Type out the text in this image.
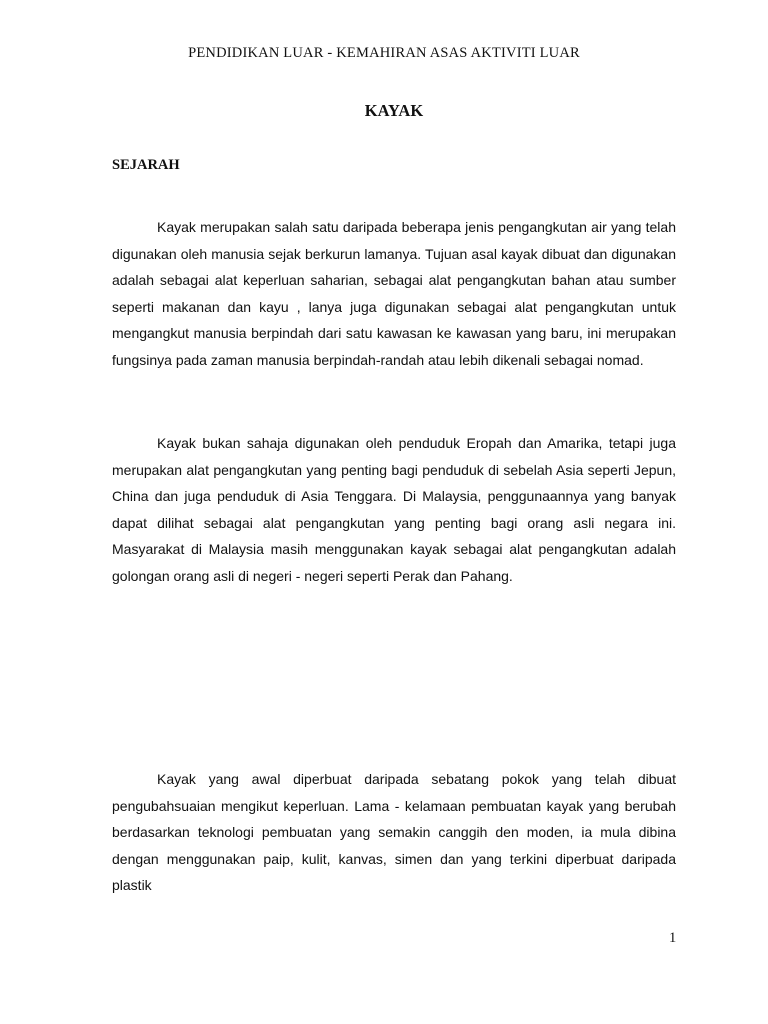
PENDIDIKAN LUAR - KEMAHIRAN ASAS AKTIVITI LUAR
KAYAK
SEJARAH

Kayak merupakan salah satu daripada beberapa jenis pengangkutan air yang telah digunakan oleh manusia sejak berkurun lamanya. Tujuan asal kayak dibuat dan digunakan adalah sebagai alat keperluan saharian, sebagai alat pengangkutan bahan atau sumber seperti makanan dan kayu , lanya juga digunakan sebagai alat pengangkutan untuk mengangkut manusia berpindah dari satu kawasan ke kawasan yang baru, ini merupakan fungsinya pada zaman manusia berpindah-randah atau lebih dikenali sebagai nomad.

Kayak bukan sahaja digunakan oleh penduduk Eropah dan Amarika, tetapi juga merupakan alat pengangkutan yang penting bagi penduduk di sebelah Asia seperti Jepun, China dan juga penduduk di Asia Tenggara. Di Malaysia, penggunaannya yang banyak dapat dilihat sebagai alat pengangkutan yang penting bagi orang asli negara ini. Masyarakat di Malaysia masih menggunakan kayak sebagai alat pengangkutan adalah golongan orang asli di negeri - negeri seperti Perak dan Pahang.

Kayak yang awal diperbuat daripada sebatang pokok yang telah dibuat pengubahsuaian mengikut keperluan. Lama - kelamaan pembuatan kayak yang berubah berdasarkan teknologi pembuatan yang semakin canggih den moden, ia mula dibina dengan menggunakan paip, kulit, kanvas, simen dan yang terkini diperbuat daripada plastik

1
